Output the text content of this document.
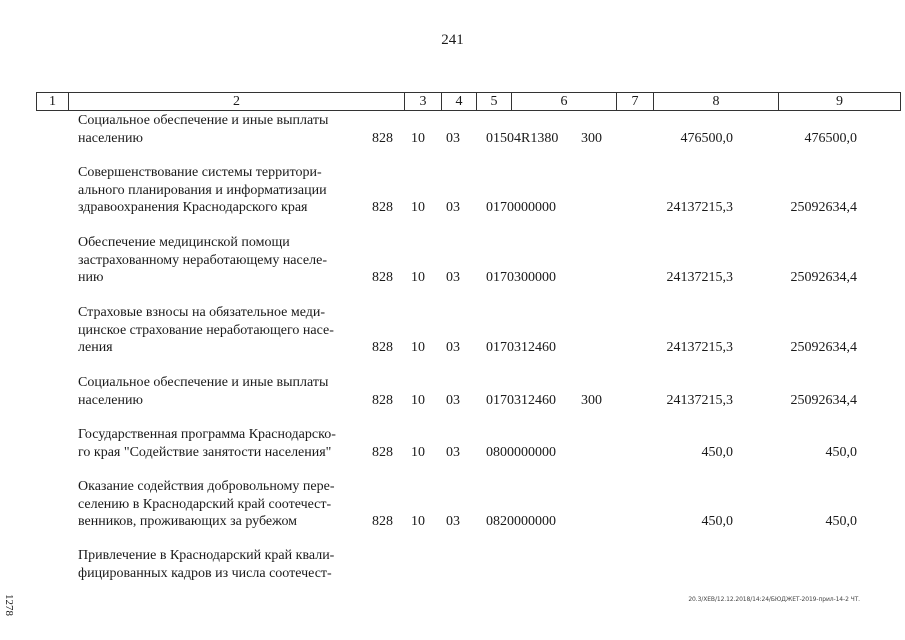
241
1	2	3	4	5	6	7	8	9
Социальное обеспечение и иные выплаты
населению	828 10 03 01504R1380 300	476500,0	476500,0
Совершенствование системы территори-
ального планирования и информатизации
здравоохранения Краснодарского края	828 10 03 0170000000	24137215,3	25092634,4
Обеспечение медицинской помощи
застрахованному неработающему населе-
нию	828 10 03 0170300000	24137215,3	25092634,4
Страховые взносы на обязательное меди-
цинское страхование неработающего насе-
ления	828 10 03 0170312460	24137215,3	25092634,4
Социальное обеспечение и иные выплаты
населению	828 10 03 0170312460 300	24137215,3	25092634,4
Государственная программа Краснодарско-
го края "Содействие занятости населения"	828 10 03 0800000000	450,0	450,0
Оказание содействия добровольному пере-
селению в Краснодарский край соотечест-
венников, проживающих за рубежом	828 10 03 0820000000	450,0	450,0
Привлечение в Краснодарский край квали-
фицированных кадров из числа соотечест-
1278	20.3/ХЕВ/12.12.2018/14:24/БЮДЖЕТ-2019-прил-14-2 ЧТ.
